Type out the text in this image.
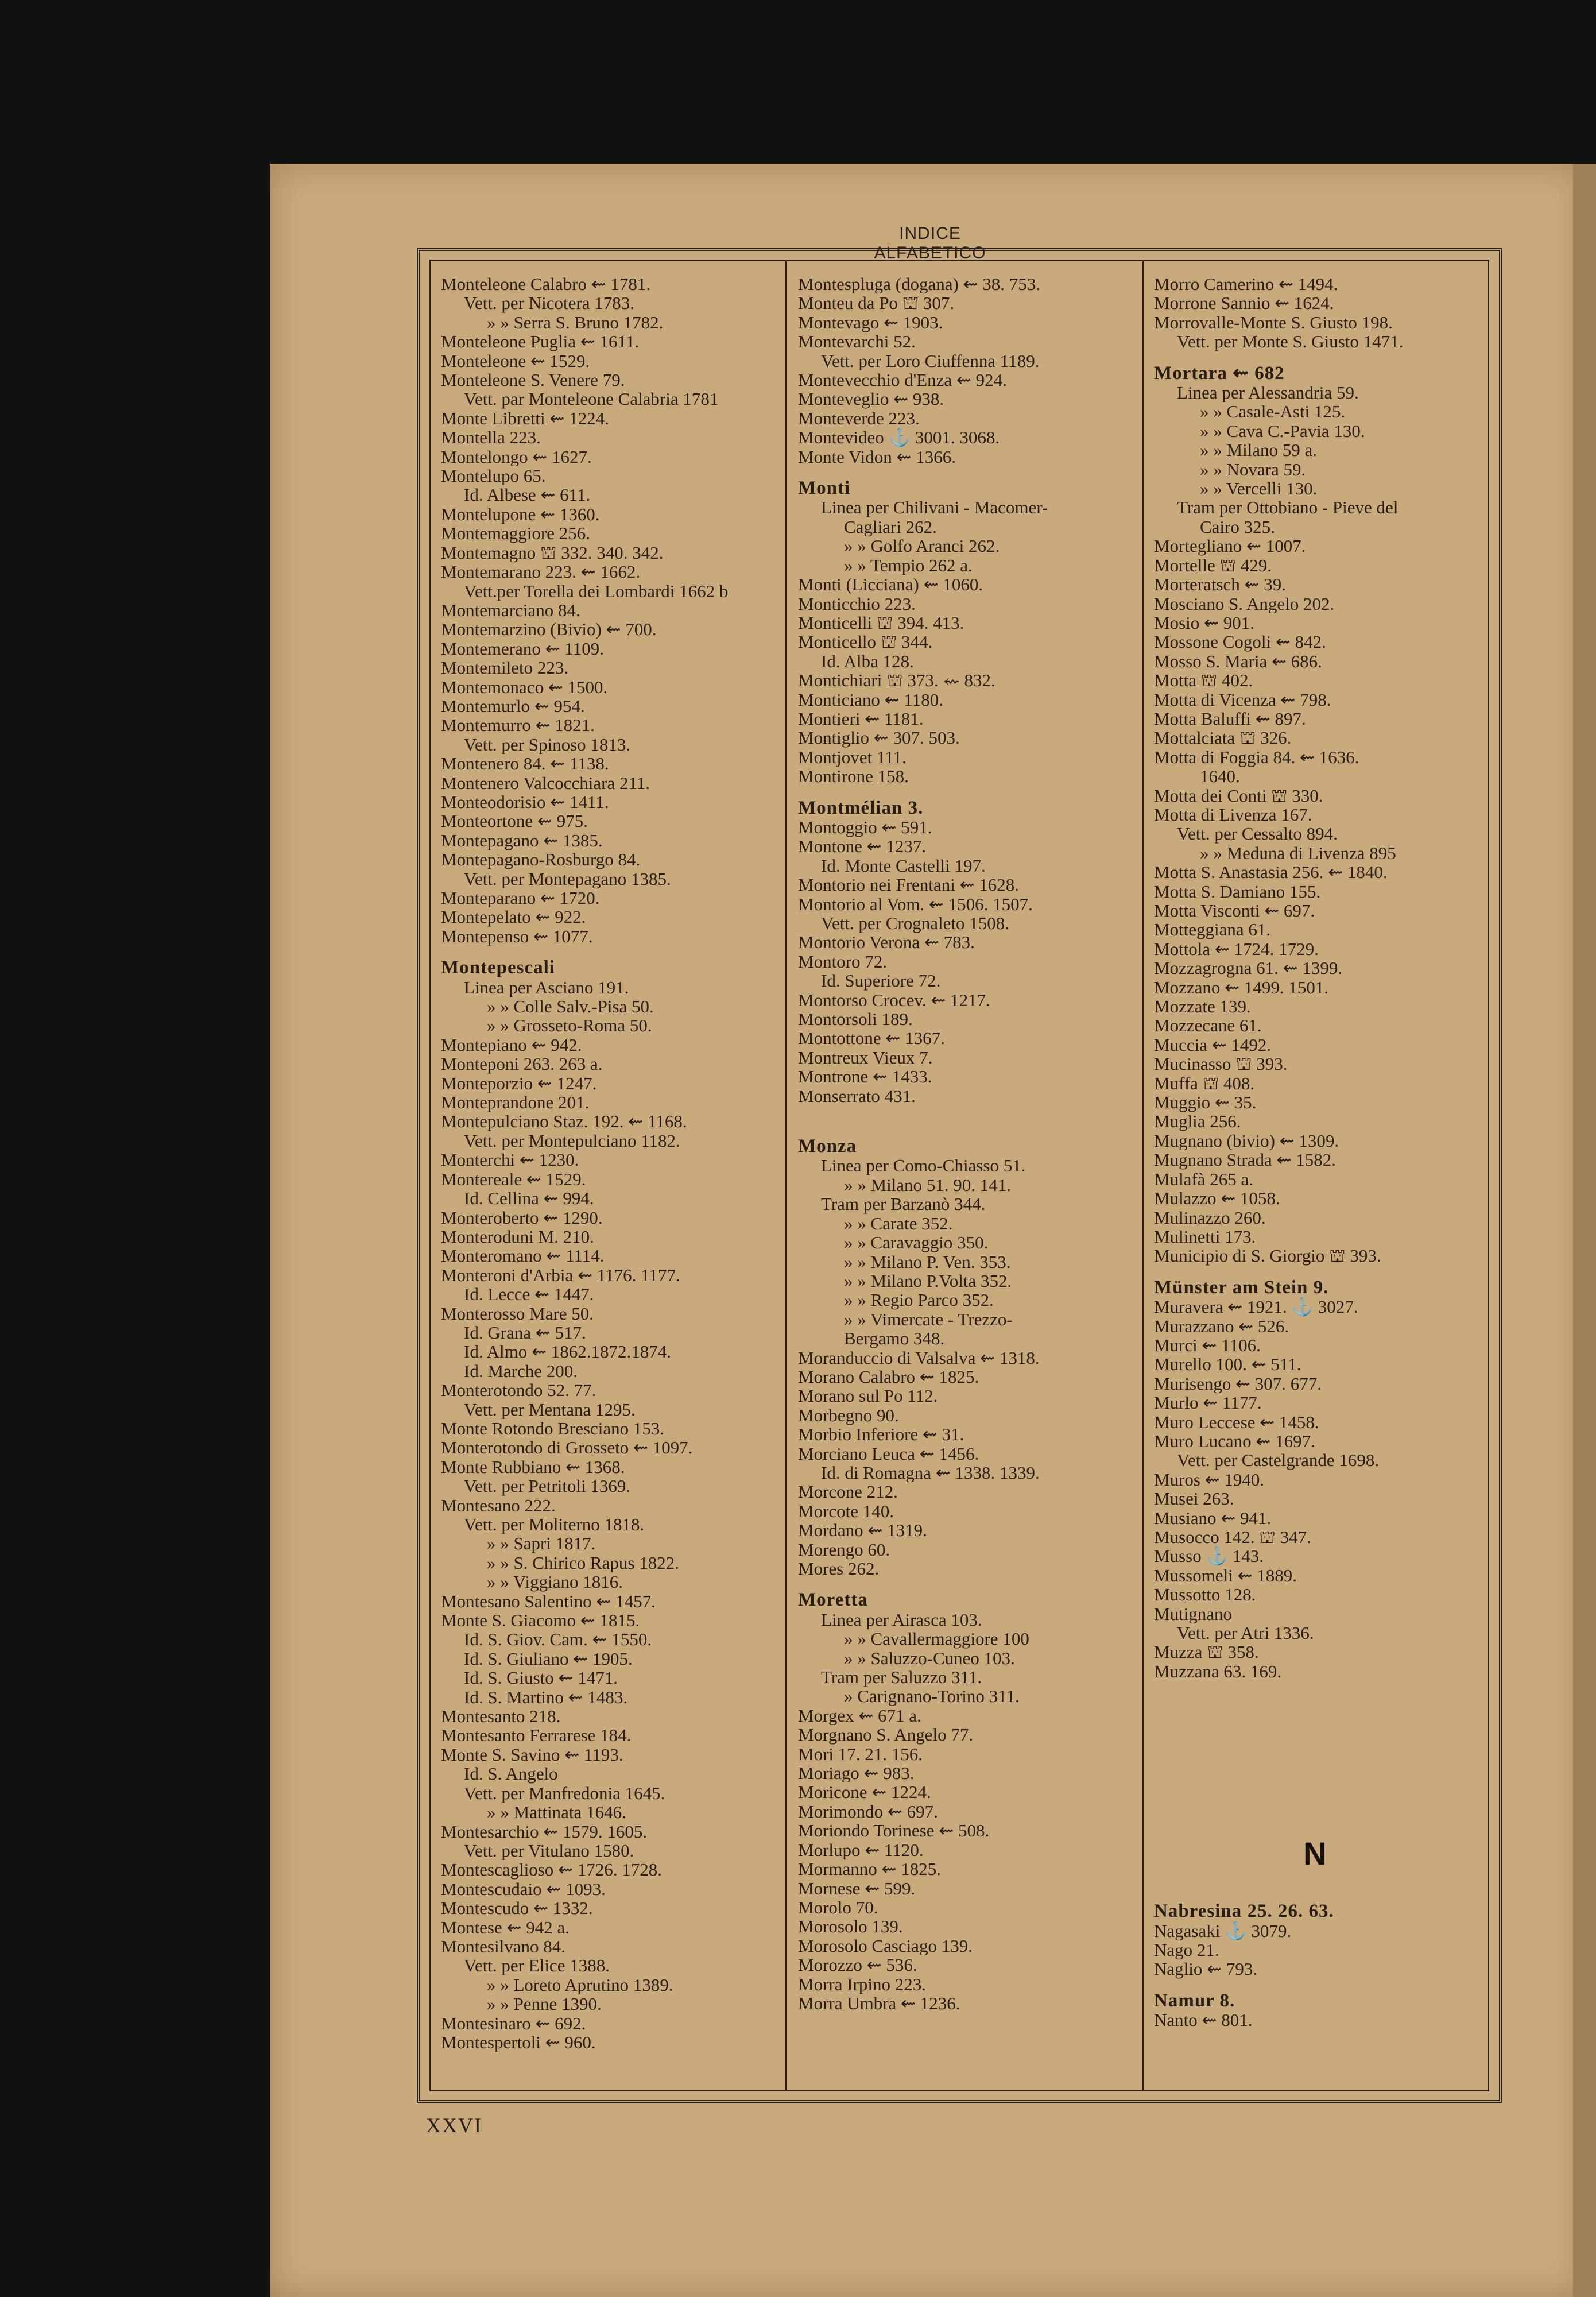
INDICE ALFABETICO
Monteleone Calabro ⇜ 1781.
Vett. per Nicotera 1783.
» » Serra S. Bruno 1782.
Monteleone Puglia ⇜ 1611.
Monteleone ⇜ 1529.
Monteleone S. Venere 79.
Vett. par Monteleone Calabria 1781
Monte Libretti ⇜ 1224.
Montella 223.
Montelongo ⇜ 1627.
Montelupo 65.
Id. Albese ⇜ 611.
Montelupone ⇜ 1360.
Montemaggiore 256.
Montemagno ⛫ 332. 340. 342.
Montemarano 223. ⇜ 1662.
Vett.per Torella dei Lombardi 1662 b
Montemarciano 84.
Montemarzino (Bivio) ⇜ 700.
Montemerano ⇜ 1109.
Montemileto 223.
Montemonaco ⇜ 1500.
Montemurlo ⇜ 954.
Montemurro ⇜ 1821.
Vett. per Spinoso 1813.
Montenero 84. ⇜ 1138.
Montenero Valcocchiara 211.
Monteodorisio ⇜ 1411.
Monteortone ⇜ 975.
Montepagano ⇜ 1385.
Montepagano-Rosburgo 84.
Vett. per Montepagano 1385.
Monteparano ⇜ 1720.
Montepelato ⇜ 922.
Montepenso ⇜ 1077.
Montepescali
Linea per Asciano 191.
» » Colle Salv.-Pisa 50.
» » Grosseto-Roma 50.
Montepiano ⇜ 942.
Monteponi 263. 263 a.
Monteporzio ⇜ 1247.
Monteprandone 201.
Montepulciano Staz. 192. ⇜ 1168.
Vett. per Montepulciano 1182.
Monterchi ⇜ 1230.
Montereale ⇜ 1529.
Id. Cellina ⇜ 994.
Monteroberto ⇜ 1290.
Monteroduni M. 210.
Monteromano ⇜ 1114.
Monteroni d'Arbia ⇜ 1176. 1177.
Id. Lecce ⇜ 1447.
Monterosso Mare 50.
Id. Grana ⇜ 517.
Id. Almo ⇜ 1862.1872.1874.
Id. Marche 200.
Monterotondo 52. 77.
Vett. per Mentana 1295.
Monte Rotondo Bresciano 153.
Monterotondo di Grosseto ⇜ 1097.
Monte Rubbiano ⇜ 1368.
Vett. per Petritoli 1369.
Montesano 222.
Vett. per Moliterno 1818.
» » Sapri 1817.
» » S. Chirico Rapus 1822.
» » Viggiano 1816.
Montesano Salentino ⇜ 1457.
Monte S. Giacomo ⇜ 1815.
Id. S. Giov. Cam. ⇜ 1550.
Id. S. Giuliano ⇜ 1905.
Id. S. Giusto ⇜ 1471.
Id. S. Martino ⇜ 1483.
Montesanto 218.
Montesanto Ferrarese 184.
Monte S. Savino ⇜ 1193.
Id. S. Angelo
Vett. per Manfredonia 1645.
» » Mattinata 1646.
Montesarchio ⇜ 1579. 1605.
Vett. per Vitulano 1580.
Montescaglioso ⇜ 1726. 1728.
Montescudaio ⇜ 1093.
Montescudo ⇜ 1332.
Montese ⇜ 942 a.
Montesilvano 84.
Vett. per Elice 1388.
» » Loreto Aprutino 1389.
» » Penne 1390.
Montesinaro ⇜ 692.
Montespertoli ⇜ 960.
Montespluga (dogana) ⇜ 38. 753.
Monteu da Po ⛫ 307.
Montevago ⇜ 1903.
Montevarchi 52.
Vett. per Loro Ciuffenna 1189.
Montevecchio d'Enza ⇜ 924.
Monteveglio ⇜ 938.
Monteverde 223.
Montevideo ⚓ 3001. 3068.
Monte Vidon ⇜ 1366.
Monti
Linea per Chilivani - Macomer-
Cagliari 262.
» » Golfo Aranci 262.
» » Tempio 262 a.
Monti (Licciana) ⇜ 1060.
Monticchio 223.
Monticelli ⛫ 394. 413.
Monticello ⛫ 344.
Id. Alba 128.
Montichiari ⛫ 373. ⇜ 832.
Monticiano ⇜ 1180.
Montieri ⇜ 1181.
Montiglio ⇜ 307. 503.
Montjovet 111.
Montirone 158.
Montmélian 3.
Montoggio ⇜ 591.
Montone ⇜ 1237.
Id. Monte Castelli 197.
Montorio nei Frentani ⇜ 1628.
Montorio al Vom. ⇜ 1506. 1507.
Vett. per Crognaleto 1508.
Montorio Verona ⇜ 783.
Montoro 72.
Id. Superiore 72.
Montorso Crocev. ⇜ 1217.
Montorsoli 189.
Montottone ⇜ 1367.
Montreux Vieux 7.
Montrone ⇜ 1433.
Monserrato 431.
Monza
Linea per Como-Chiasso 51.
» » Milano 51. 90. 141.
Tram per Barzanò 344.
» » Carate 352.
» » Caravaggio 350.
» » Milano P. Ven. 353.
» » Milano P.Volta 352.
» » Regio Parco 352.
» » Vimercate - Trezzo-
Bergamo 348.
Moranduccio di Valsalva ⇜ 1318.
Morano Calabro ⇜ 1825.
Morano sul Po 112.
Morbegno 90.
Morbio Inferiore ⇜ 31.
Morciano Leuca ⇜ 1456.
Id. di Romagna ⇜ 1338. 1339.
Morcone 212.
Morcote 140.
Mordano ⇜ 1319.
Morengo 60.
Mores 262.
Moretta
Linea per Airasca 103.
» » Cavallermaggiore 100
» » Saluzzo-Cuneo 103.
Tram per Saluzzo 311.
» Carignano-Torino 311.
Morgex ⇜ 671 a.
Morgnano S. Angelo 77.
Mori 17. 21. 156.
Moriago ⇜ 983.
Moricone ⇜ 1224.
Morimondo ⇜ 697.
Moriondo Torinese ⇜ 508.
Morlupo ⇜ 1120.
Mormanno ⇜ 1825.
Mornese ⇜ 599.
Morolo 70.
Morosolo 139.
Morosolo Casciago 139.
Morozzo ⇜ 536.
Morra Irpino 223.
Morra Umbra ⇜ 1236.
Morro Camerino ⇜ 1494.
Morrone Sannio ⇜ 1624.
Morrovalle-Monte S. Giusto 198.
Vett. per Monte S. Giusto 1471.
Mortara ⇜ 682
Linea per Alessandria 59.
» » Casale-Asti 125.
» » Cava C.-Pavia 130.
» » Milano 59 a.
» » Novara 59.
» » Vercelli 130.
Tram per Ottobiano - Pieve del
Cairo 325.
Mortegliano ⇜ 1007.
Mortelle ⛫ 429.
Morteratsch ⇜ 39.
Mosciano S. Angelo 202.
Mosio ⇜ 901.
Mossone Cogoli ⇜ 842.
Mosso S. Maria ⇜ 686.
Motta ⛫ 402.
Motta di Vicenza ⇜ 798.
Motta Baluffi ⇜ 897.
Mottalciata ⛫ 326.
Motta di Foggia 84. ⇜ 1636.
1640.
Motta dei Conti ⛫ 330.
Motta di Livenza 167.
Vett. per Cessalto 894.
» » Meduna di Livenza 895
Motta S. Anastasia 256. ⇜ 1840.
Motta S. Damiano 155.
Motta Visconti ⇜ 697.
Motteggiana 61.
Mottola ⇜ 1724. 1729.
Mozzagrogna 61. ⇜ 1399.
Mozzano ⇜ 1499. 1501.
Mozzate 139.
Mozzecane 61.
Muccia ⇜ 1492.
Mucinasso ⛫ 393.
Muffa ⛫ 408.
Muggio ⇜ 35.
Muglia 256.
Mugnano (bivio) ⇜ 1309.
Mugnano Strada ⇜ 1582.
Mulafà 265 a.
Mulazzo ⇜ 1058.
Mulinazzo 260.
Mulinetti 173.
Municipio di S. Giorgio ⛫ 393.
Münster am Stein 9.
Muravera ⇜ 1921. ⚓ 3027.
Murazzano ⇜ 526.
Murci ⇜ 1106.
Murello 100. ⇜ 511.
Murisengo ⇜ 307. 677.
Murlo ⇜ 1177.
Muro Leccese ⇜ 1458.
Muro Lucano ⇜ 1697.
Vett. per Castelgrande 1698.
Muros ⇜ 1940.
Musei 263.
Musiano ⇜ 941.
Musocco 142. ⛫ 347.
Musso ⚓ 143.
Mussomeli ⇜ 1889.
Mussotto 128.
Mutignano
Vett. per Atri 1336.
Muzza ⛫ 358.
Muzzana 63. 169.
Nabresina 25. 26. 63.
Nagasaki ⚓ 3079.
Nago 21.
Naglio ⇜ 793.
Namur 8.
Nanto ⇜ 801.
N
XXVI
